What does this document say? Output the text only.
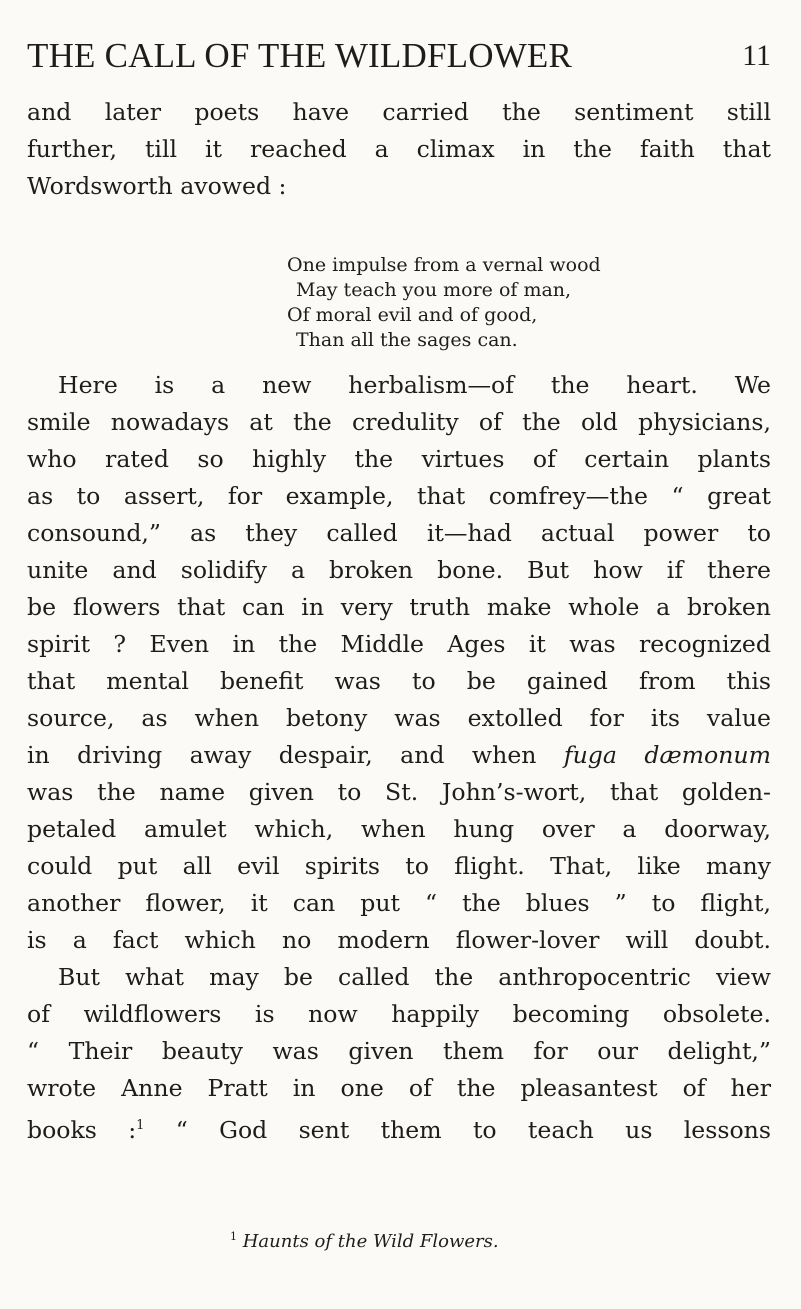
THE CALL OF THE WILDFLOWER	11
and later poets have carried the sentiment still
further, till it reached a climax in the faith that
Wordsworth avowed :
One impulse from a vernal wood
May teach you more of man,
Of moral evil and of good,
Than all the sages can.
Here is a new herbalism—of the heart. We
smile nowadays at the credulity of the old physicians,
who rated so highly the virtues of certain plants
as to assert, for example, that comfrey—the “ great
consound,” as they called it—had actual power to
unite and solidify a broken bone. But how if there
be flowers that can in very truth make whole a broken
spirit ? Even in the Middle Ages it was recognized
that mental benefit was to be gained from this
source, as when betony was extolled for its value
in driving away despair, and when fuga dæmonum
was the name given to St. John’s-wort, that golden-
petaled amulet which, when hung over a doorway,
could put all evil spirits to flight. That, like many
another flower, it can put “ the blues ” to flight,
is a fact which no modern flower-lover will doubt.
But what may be called the anthropocentric view
of wildflowers is now happily becoming obsolete.
“ Their beauty was given them for our delight,”
wrote Anne Pratt in one of the pleasantest of her
books :$^1$ “ God sent them to teach us lessons
$^1$ Haunts of the Wild Flowers.
